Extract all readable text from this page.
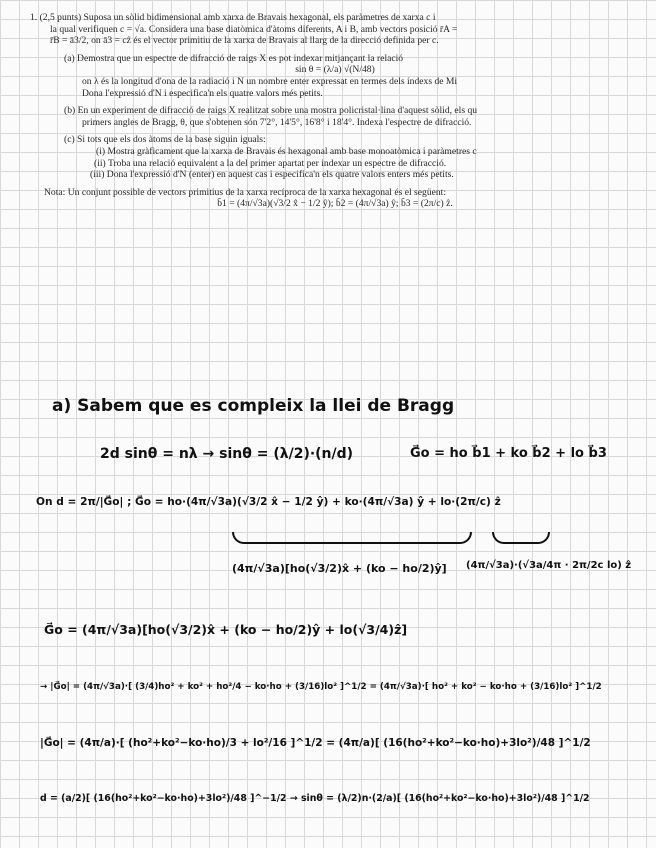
1. (2,5 punts) Suposa un sòlid bidimensional amb xarxa de Bravais hexagonal, els paràmetres de xarxa c i

la qual verifiquen c = √a. Considera una base diatòmica d'àtoms diferents, A i B, amb vectors posició r̄A =

r̄B = ā3/2, on ā3 = cẑ és el vector primitiu de la xarxa de Bravais al llarg de la direcció definida per c.

(a) Demostra que un espectre de difracció de raigs X es pot indexar mitjançant la relació

sin θ = (λ/a) √(N/48)

on λ és la longitud d'ona de la radiació i N un nombre enter expressat en termes dels índexs de Mi

Dona l'expressió d'N i especifica'n els quatre valors més petits.

(b) En un experiment de difracció de raigs X realitzat sobre una mostra policristal·lina d'aquest sòlid, els qu

primers angles de Bragg, θ, que s'obtenen són 7'2°, 14'5°, 16'8° i 18'4°. Indexa l'espectre de difracció.

(c) Si tots que els dos àtoms de la base siguin iguals:

(i) Mostra gràficament que la xarxa de Bravais és hexagonal amb base monoatòmica i paràmetres c

(ii) Troba una relació equivalent a la del primer apartat per indexar un espectre de difracció.

(iii) Dona l'expressió d'N (enter) en aquest cas i especifica'n els quatre valors enters més petits.

Nota: Un conjunt possible de vectors primitius de la xarxa recíproca de la xarxa hexagonal és el següent:

b̄1 = (4π/√3a)(√3/2 x̂ − 1/2 ŷ); b̄2 = (4π/√3a) ŷ; b̄3 = (2π/c) ẑ.

a) Sabem que es compleix la llei de Bragg
2d sinθ = nλ → sinθ = (λ/2)·(n/d)	G⃗o = ho b⃗1 + ko b⃗2 + lo b⃗3
On d = 2π/|G⃗o| ; G⃗o = ho·(4π/√3a)(√3/2 x̂ − 1/2 ŷ) + ko·(4π/√3a) ŷ + lo·(2π/c) ẑ
(4π/√3a)[ho(√3/2)x̂ + (ko − ho/2)ŷ] (4π/√3a)·(√3a/4π · 2π/2c lo) ẑ
G⃗o = (4π/√3a)[ho(√3/2)x̂ + (ko − ho/2)ŷ + lo(√3/4)ẑ]
→ |G⃗o| = (4π/√3a)·[ (3/4)ho² + ko² + ho²/4 − ko·ho + (3/16)lo² ]^1/2 = (4π/√3a)·[ ho² + ko² − ko·ho + (3/16)lo² ]^1/2
|G⃗o| = (4π/a)·[ (ho²+ko²−ko·ho)/3 + lo²/16 ]^1/2 = (4π/a)[ (16(ho²+ko²−ko·ho)+3lo²)/48 ]^1/2
d = (a/2)[ (16(ho²+ko²−ko·ho)+3lo²)/48 ]^−1/2 → sinθ = (λ/2)n·(2/a)[ (16(ho²+ko²−ko·ho)+3lo²)/48 ]^1/2
